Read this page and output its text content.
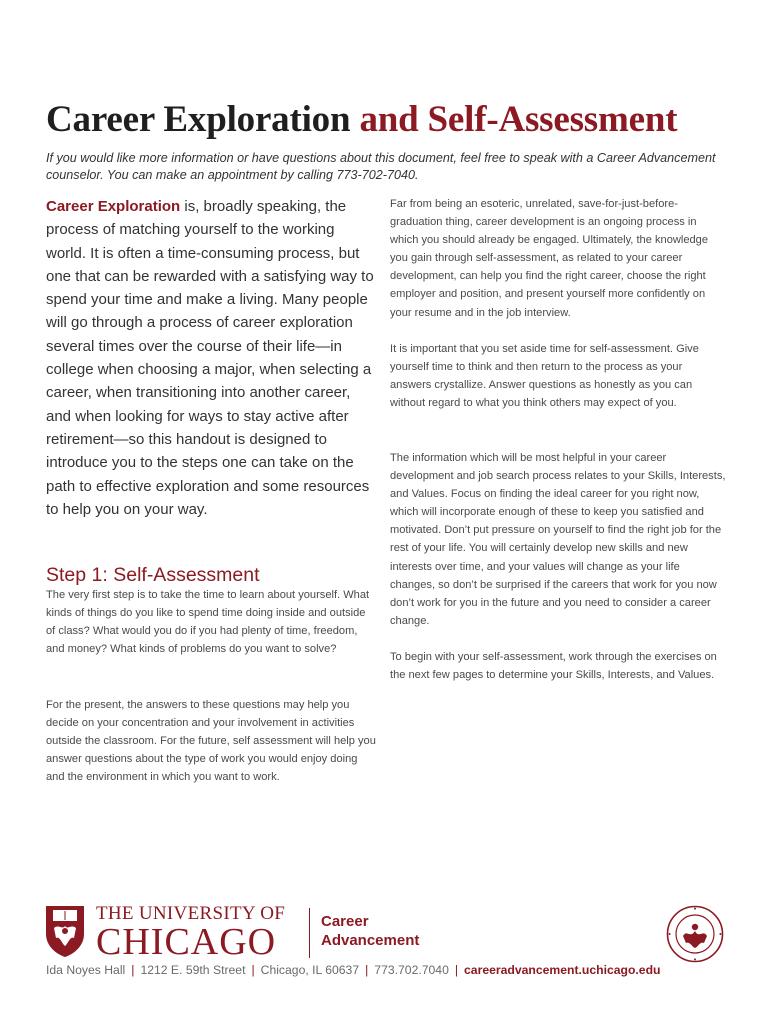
Career Exploration and Self-Assessment

If you would like more information or have questions about this document, feel free to speak with a Career Advancement counselor. You can make an appointment by calling 773-702-7040.

Career Exploration is, broadly speaking, the process of matching yourself to the working world. It is often a time-consuming process, but one that can be rewarded with a satisfying way to spend your time and make a living. Many people will go through a process of career exploration several times over the course of their life—in college when choosing a major, when selecting a career, when transitioning into another career, and when looking for ways to stay active after retirement—so this handout is designed to introduce you to the steps one can take on the path to effective exploration and some resources to help you on your way.

Step 1: Self-Assessment

The very first step is to take the time to learn about yourself. What kinds of things do you like to spend time doing inside and outside of class? What would you do if you had plenty of time, freedom, and money? What kinds of problems do you want to solve?

For the present, the answers to these questions may help you decide on your concentration and your involvement in activities outside the classroom. For the future, self assessment will help you answer questions about the type of work you would enjoy doing and the environment in which you want to work.

Far from being an esoteric, unrelated, save-for-just-before-graduation thing, career development is an ongoing process in which you should already be engaged. Ultimately, the knowledge you gain through self-assessment, as related to your career development, can help you find the right career, choose the right employer and position, and present yourself more confidently on your resume and in the job interview.

It is important that you set aside time for self-assessment. Give yourself time to think and then return to the process as your answers crystallize. Answer questions as honestly as you can without regard to what you think others may expect of you.

The information which will be most helpful in your career development and job search process relates to your Skills, Interests, and Values. Focus on finding the ideal career for you right now, which will incorporate enough of these to keep you satisfied and motivated. Don’t put pressure on yourself to find the right job for the rest of your life. You will certainly develop new skills and new interests over time, and your values will change as your life changes, so don’t be surprised if the careers that work for you now don’t work for you in the future and you need to consider a career change.

To begin with your self-assessment, work through the exercises on the next few pages to determine your Skills, Interests, and Values.

THE UNIVERSITY OF
CHICAGO	Career
Advancement

Ida Noyes Hall | 1212 E. 59th Street | Chicago, IL 60637 | 773.702.7040 | careeradvancement.uchicago.edu
